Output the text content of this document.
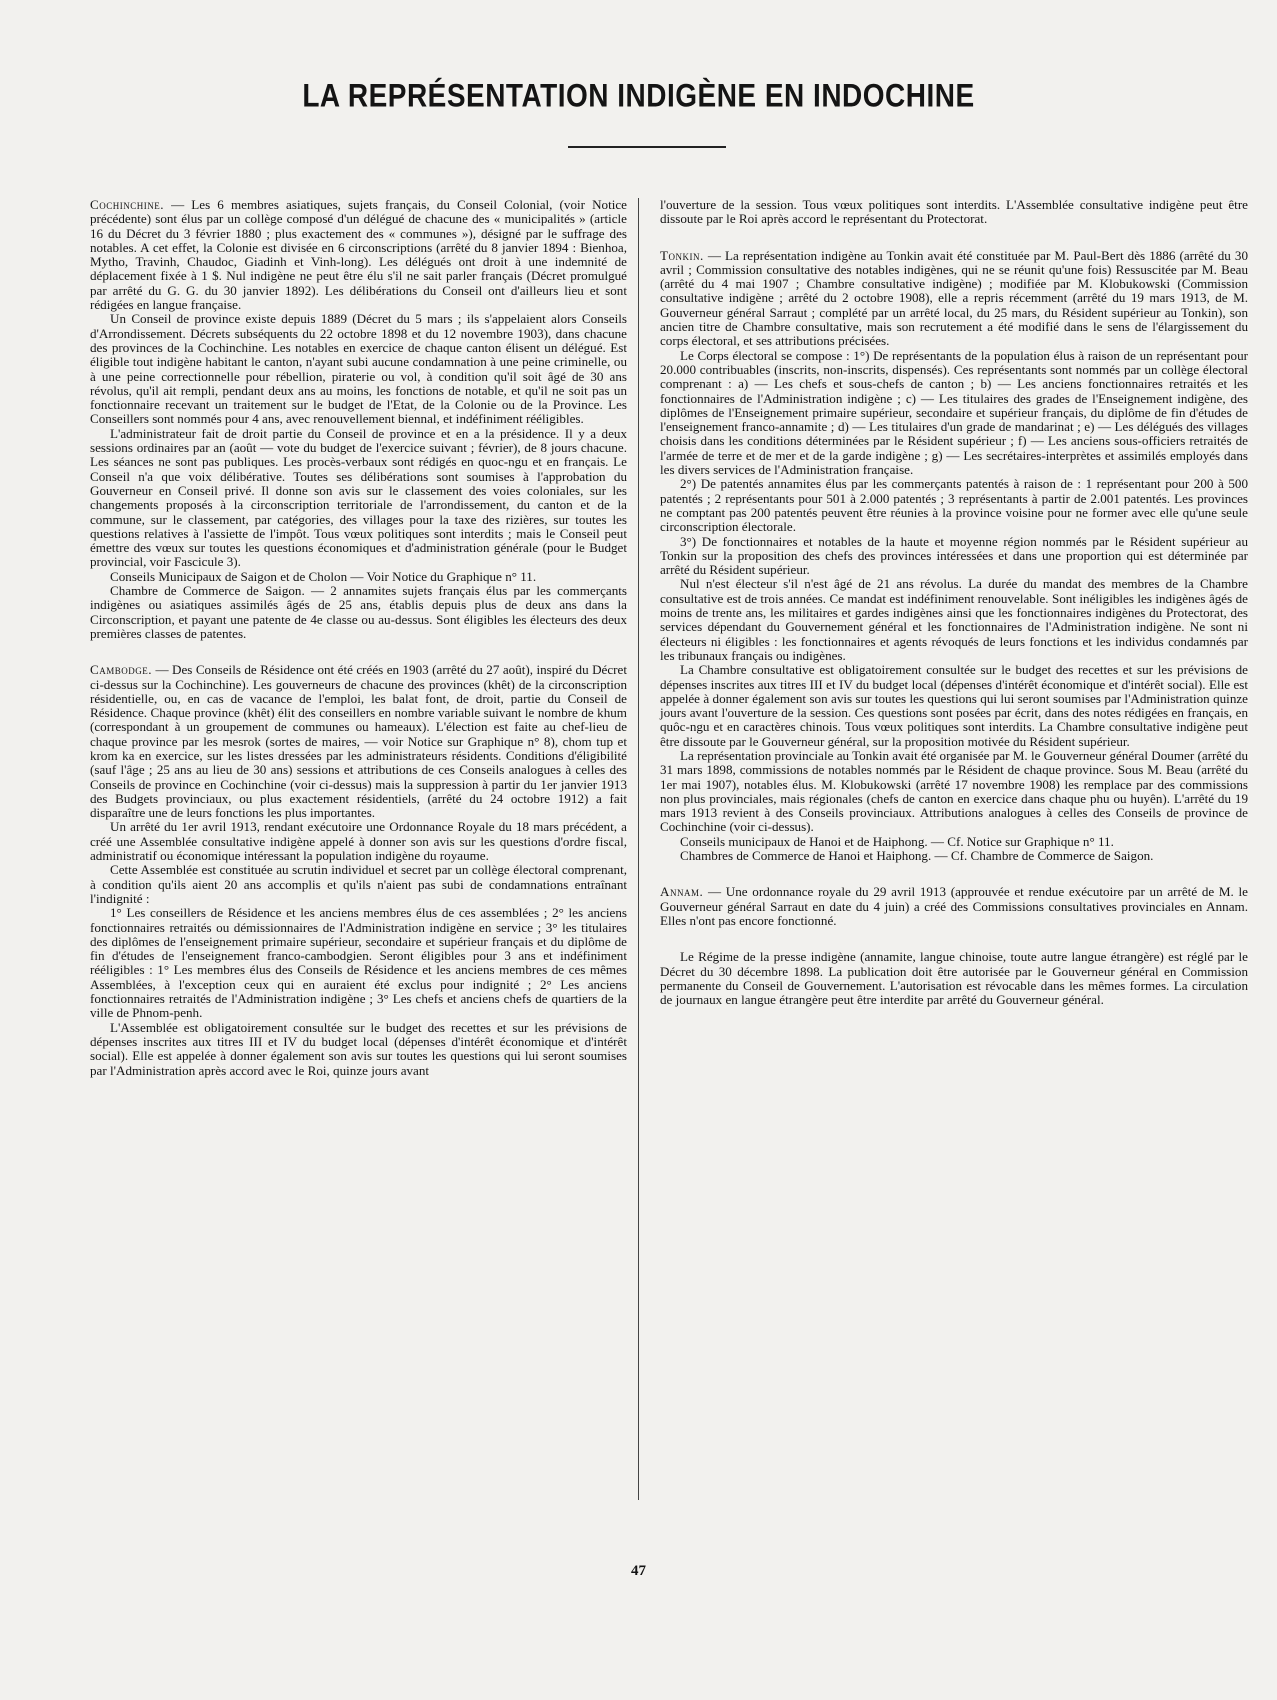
LA REPRÉSENTATION INDIGÈNE EN INDOCHINE

Cochinchine. — Les 6 membres asiatiques, sujets français, du Conseil Colonial, (voir Notice précédente) sont élus par un collège composé d'un délégué de chacune des « municipalités » (article 16 du Décret du 3 février 1880 ; plus exactement des « communes »), désigné par le suffrage des notables. A cet effet, la Colonie est divisée en 6 circonscriptions (arrêté du 8 janvier 1894 : Bienhoa, Mytho, Travinh, Chaudoc, Giadinh et Vinh-long). Les délégués ont droit à une indemnité de déplacement fixée à 1 $. Nul indigène ne peut être élu s'il ne sait parler français (Décret promulgué par arrêté du G. G. du 30 janvier 1892). Les délibérations du Conseil ont d'ailleurs lieu et sont rédigées en langue française.

Un Conseil de province existe depuis 1889 (Décret du 5 mars ; ils s'appelaient alors Conseils d'Arrondissement. Décrets subséquents du 22 octobre 1898 et du 12 novembre 1903), dans chacune des provinces de la Cochinchine. Les notables en exercice de chaque canton élisent un délégué. Est éligible tout indigène habitant le canton, n'ayant subi aucune condamnation à une peine criminelle, ou à une peine correctionnelle pour rébellion, piraterie ou vol, à condition qu'il soit âgé de 30 ans révolus, qu'il ait rempli, pendant deux ans au moins, les fonctions de notable, et qu'il ne soit pas un fonctionnaire recevant un traitement sur le budget de l'Etat, de la Colonie ou de la Province. Les Conseillers sont nommés pour 4 ans, avec renouvellement biennal, et indéfiniment rééligibles.

L'administrateur fait de droit partie du Conseil de province et en a la présidence. Il y a deux sessions ordinaires par an (août — vote du budget de l'exercice suivant ; février), de 8 jours chacune. Les séances ne sont pas publiques. Les procès-verbaux sont rédigés en quoc-ngu et en français. Le Conseil n'a que voix délibérative. Toutes ses délibérations sont soumises à l'approbation du Gouverneur en Conseil privé. Il donne son avis sur le classement des voies coloniales, sur les changements proposés à la circonscription territoriale de l'arrondissement, du canton et de la commune, sur le classement, par catégories, des villages pour la taxe des rizières, sur toutes les questions relatives à l'assiette de l'impôt. Tous vœux politiques sont interdits ; mais le Conseil peut émettre des vœux sur toutes les questions économiques et d'administration générale (pour le Budget provincial, voir Fascicule 3).

Conseils Municipaux de Saigon et de Cholon — Voir Notice du Graphique n° 11.

Chambre de Commerce de Saigon. — 2 annamites sujets français élus par les commerçants indigènes ou asiatiques assimilés âgés de 25 ans, établis depuis plus de deux ans dans la Circonscription, et payant une patente de 4e classe ou au-dessus. Sont éligibles les électeurs des deux premières classes de patentes.

Cambodge. — Des Conseils de Résidence ont été créés en 1903 (arrêté du 27 août), inspiré du Décret ci-dessus sur la Cochinchine). Les gouverneurs de chacune des provinces (khêt) de la circonscription résidentielle, ou, en cas de vacance de l'emploi, les balat font, de droit, partie du Conseil de Résidence. Chaque province (khêt) élit des conseillers en nombre variable suivant le nombre de khum (correspondant à un groupement de communes ou hameaux). L'élection est faite au chef-lieu de chaque province par les mesrok (sortes de maires, — voir Notice sur Graphique n° 8), chom tup et krom ka en exercice, sur les listes dressées par les administrateurs résidents. Conditions d'éligibilité (sauf l'âge ; 25 ans au lieu de 30 ans) sessions et attributions de ces Conseils analogues à celles des Conseils de province en Cochinchine (voir ci-dessus) mais la suppression à partir du 1er janvier 1913 des Budgets provinciaux, ou plus exactement résidentiels, (arrêté du 24 octobre 1912) a fait disparaître une de leurs fonctions les plus importantes.

Un arrêté du 1er avril 1913, rendant exécutoire une Ordonnance Royale du 18 mars précédent, a créé une Assemblée consultative indigène appelé à donner son avis sur les questions d'ordre fiscal, administratif ou économique intéressant la population indigène du royaume.

Cette Assemblée est constituée au scrutin individuel et secret par un collège électoral comprenant, à condition qu'ils aient 20 ans accomplis et qu'ils n'aient pas subi de condamnations entraînant l'indignité :

1° Les conseillers de Résidence et les anciens membres élus de ces assemblées ; 2° les anciens fonctionnaires retraités ou démissionnaires de l'Administration indigène en service ; 3° les titulaires des diplômes de l'enseignement primaire supérieur, secondaire et supérieur français et du diplôme de fin d'études de l'enseignement franco-cambodgien. Seront éligibles pour 3 ans et indéfiniment rééligibles : 1° Les membres élus des Conseils de Résidence et les anciens membres de ces mêmes Assemblées, à l'exception ceux qui en auraient été exclus pour indignité ; 2° Les anciens fonctionnaires retraités de l'Administration indigène ; 3° Les chefs et anciens chefs de quartiers de la ville de Phnom-penh.

L'Assemblée est obligatoirement consultée sur le budget des recettes et sur les prévisions de dépenses inscrites aux titres III et IV du budget local (dépenses d'intérêt économique et d'intérêt social). Elle est appelée à donner également son avis sur toutes les questions qui lui seront soumises par l'Administration après accord avec le Roi, quinze jours avant

l'ouverture de la session. Tous vœux politiques sont interdits. L'Assemblée consultative indigène peut être dissoute par le Roi après accord le représentant du Protectorat.

Tonkin. — La représentation indigène au Tonkin avait été constituée par M. Paul-Bert dès 1886 (arrêté du 30 avril ; Commission consultative des notables indigènes, qui ne se réunit qu'une fois) Ressuscitée par M. Beau (arrêté du 4 mai 1907 ; Chambre consultative indigène) ; modifiée par M. Klobukowski (Commission consultative indigène ; arrêté du 2 octobre 1908), elle a repris récemment (arrêté du 19 mars 1913, de M. Gouverneur général Sarraut ; complété par un arrêté local, du 25 mars, du Résident supérieur au Tonkin), son ancien titre de Chambre consultative, mais son recrutement a été modifié dans le sens de l'élargissement du corps électoral, et ses attributions précisées.

Le Corps électoral se compose : 1°) De représentants de la population élus à raison de un représentant pour 20.000 contribuables (inscrits, non-inscrits, dispensés). Ces représentants sont nommés par un collège électoral comprenant : a) — Les chefs et sous-chefs de canton ; b) — Les anciens fonctionnaires retraités et les fonctionnaires de l'Administration indigène ; c) — Les titulaires des grades de l'Enseignement indigène, des diplômes de l'Enseignement primaire supérieur, secondaire et supérieur français, du diplôme de fin d'études de l'enseignement franco-annamite ; d) — Les titulaires d'un grade de mandarinat ; e) — Les délégués des villages choisis dans les conditions déterminées par le Résident supérieur ; f) — Les anciens sous-officiers retraités de l'armée de terre et de mer et de la garde indigène ; g) — Les secrétaires-interprètes et assimilés employés dans les divers services de l'Administration française.

2°) De patentés annamites élus par les commerçants patentés à raison de : 1 représentant pour 200 à 500 patentés ; 2 représentants pour 501 à 2.000 patentés ; 3 représentants à partir de 2.001 patentés. Les provinces ne comptant pas 200 patentés peuvent être réunies à la province voisine pour ne former avec elle qu'une seule circonscription électorale.

3°) De fonctionnaires et notables de la haute et moyenne région nommés par le Résident supérieur au Tonkin sur la proposition des chefs des provinces intéressées et dans une proportion qui est déterminée par arrêté du Résident supérieur.

Nul n'est électeur s'il n'est âgé de 21 ans révolus. La durée du mandat des membres de la Chambre consultative est de trois années. Ce mandat est indéfiniment renouvelable. Sont inéligibles les indigènes âgés de moins de trente ans, les militaires et gardes indigènes ainsi que les fonctionnaires indigènes du Protectorat, des services dépendant du Gouvernement général et les fonctionnaires de l'Administration indigène. Ne sont ni électeurs ni éligibles : les fonctionnaires et agents révoqués de leurs fonctions et les individus condamnés par les tribunaux français ou indigènes.

La Chambre consultative est obligatoirement consultée sur le budget des recettes et sur les prévisions de dépenses inscrites aux titres III et IV du budget local (dépenses d'intérêt économique et d'intérêt social). Elle est appelée à donner également son avis sur toutes les questions qui lui seront soumises par l'Administration quinze jours avant l'ouverture de la session. Ces questions sont posées par écrit, dans des notes rédigées en français, en quôc-ngu et en caractères chinois. Tous vœux politiques sont interdits. La Chambre consultative indigène peut être dissoute par le Gouverneur général, sur la proposition motivée du Résident supérieur.

La représentation provinciale au Tonkin avait été organisée par M. le Gouverneur général Doumer (arrêté du 31 mars 1898, commissions de notables nommés par le Résident de chaque province. Sous M. Beau (arrêté du 1er mai 1907), notables élus. M. Klobukowski (arrêté 17 novembre 1908) les remplace par des commissions non plus provinciales, mais régionales (chefs de canton en exercice dans chaque phu ou huyên). L'arrêté du 19 mars 1913 revient à des Conseils provinciaux. Attributions analogues à celles des Conseils de province de Cochinchine (voir ci-dessus).

Conseils municipaux de Hanoi et de Haiphong. — Cf. Notice sur Graphique n° 11.

Chambres de Commerce de Hanoi et Haiphong. — Cf. Chambre de Commerce de Saigon.

Annam. — Une ordonnance royale du 29 avril 1913 (approuvée et rendue exécutoire par un arrêté de M. le Gouverneur général Sarraut en date du 4 juin) a créé des Commissions consultatives provinciales en Annam. Elles n'ont pas encore fonctionné.

Le Régime de la presse indigène (annamite, langue chinoise, toute autre langue étrangère) est réglé par le Décret du 30 décembre 1898. La publication doit être autorisée par le Gouverneur général en Commission permanente du Conseil de Gouvernement. L'autorisation est révocable dans les mêmes formes. La circulation de journaux en langue étrangère peut être interdite par arrêté du Gouverneur général.

47
